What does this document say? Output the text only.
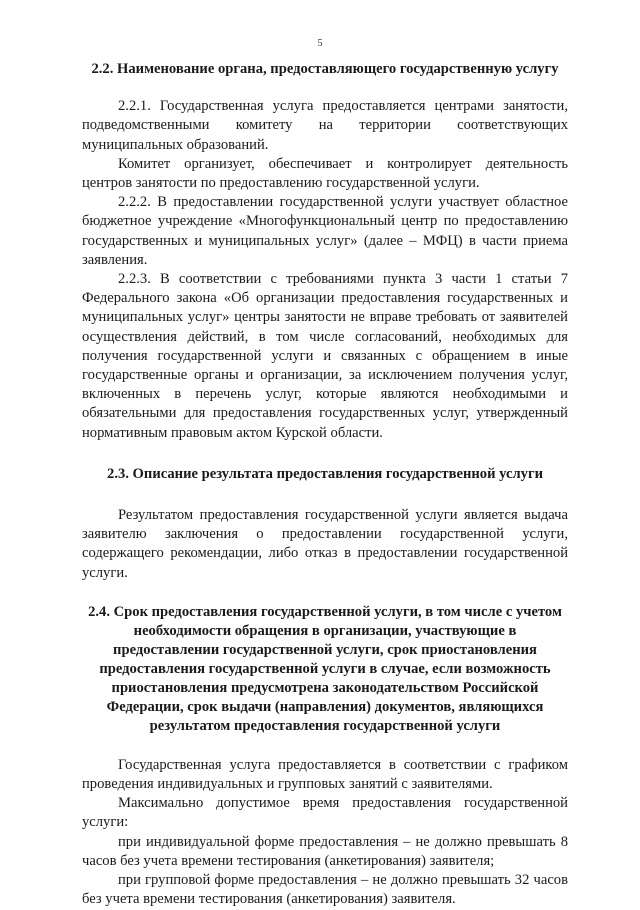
5

2.2. Наименование органа, предоставляющего государственную услугу

2.2.1. Государственная услуга предоставляется центрами занятости, подведомственными комитету на территории соответствующих муниципальных образований.

Комитет организует, обеспечивает и контролирует деятельность центров занятости по предоставлению государственной услуги.

2.2.2. В предоставлении государственной услуги участвует областное бюджетное учреждение «Многофункциональный центр по предоставлению государственных и муниципальных услуг» (далее – МФЦ) в части приема заявления.

2.2.3. В соответствии с требованиями пункта 3 части 1 статьи 7 Федерального закона «Об организации предоставления государственных и муниципальных услуг» центры занятости не вправе требовать от заявителей осуществления действий, в том числе согласований, необходимых для получения государственной услуги и связанных с обращением в иные государственные органы и организации, за исключением получения услуг, включенных в перечень услуг, которые являются необходимыми и обязательными для предоставления государственных услуг, утвержденный нормативным правовым актом Курской области.

2.3. Описание результата предоставления государственной услуги

Результатом предоставления государственной услуги является выдача заявителю заключения о предоставлении государственной услуги, содержащего рекомендации, либо отказ в предоставлении государственной услуги.

2.4. Срок предоставления государственной услуги, в том числе с учетом необходимости обращения в организации, участвующие в предоставлении государственной услуги, срок приостановления предоставления государственной услуги в случае, если возможность приостановления предусмотрена законодательством Российской Федерации, срок выдачи (направления) документов, являющихся результатом предоставления государственной услуги

Государственная услуга предоставляется в соответствии с графиком проведения индивидуальных и групповых занятий с заявителями.

Максимально допустимое время предоставления государственной услуги:

при индивидуальной форме предоставления – не должно превышать 8 часов без учета времени тестирования (анкетирования) заявителя;

при групповой форме предоставления – не должно превышать 32 часов без учета времени тестирования (анкетирования) заявителя.
